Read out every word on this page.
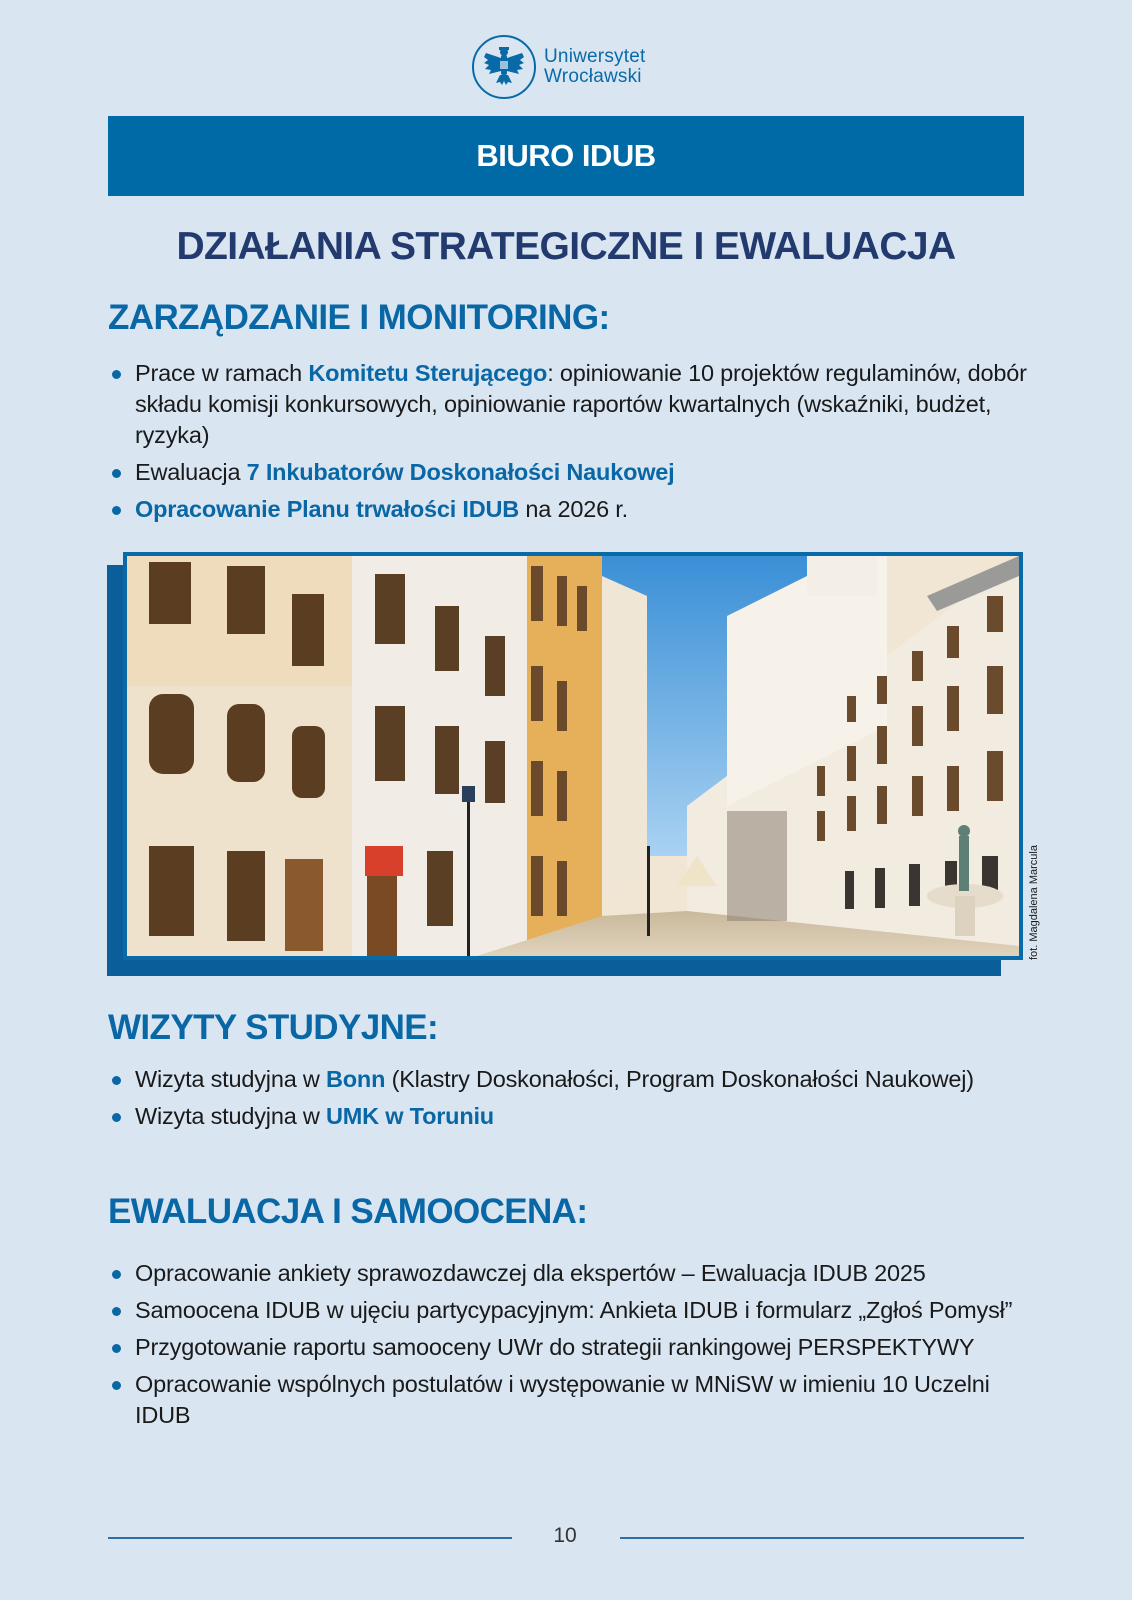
Uniwersytet
Wrocławski
BIURO IDUB
DZIAŁANIA STRATEGICZNE I EWALUACJA
ZARZĄDZANIE I MONITORING:
Prace w ramach Komitetu Sterującego: opiniowanie 10 projektów regulaminów, dobór składu komisji konkursowych, opiniowanie raportów kwartalnych (wskaźniki, budżet, ryzyka)
Ewaluacja 7 Inkubatorów Doskonałości Naukowej
Opracowanie Planu trwałości IDUB na 2026 r.
fot. Magdalena Marcula
WIZYTY STUDYJNE:
Wizyta studyjna w Bonn (Klastry Doskonałości, Program Doskonałości Naukowej)
Wizyta studyjna w UMK w Toruniu
EWALUACJA I SAMOOCENA:
Opracowanie ankiety sprawozdawczej dla ekspertów – Ewaluacja IDUB 2025
Samoocena IDUB w ujęciu partycypacyjnym: Ankieta IDUB i formularz „Zgłoś Pomysł”
Przygotowanie raportu samooceny UWr do strategii rankingowej PERSPEKTYWY
Opracowanie wspólnych postulatów i występowanie w MNiSW w imieniu 10 Uczelni IDUB
10
